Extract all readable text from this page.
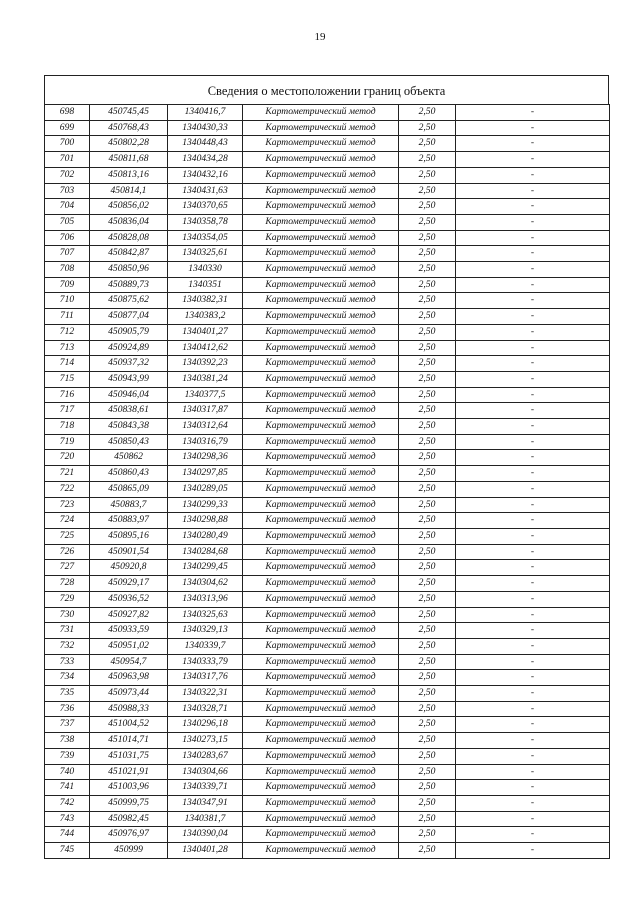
19
Сведения о местоположении границ объекта
698	450745,45	1340416,7	Картометрический метод	2,50	-
699	450768,43	1340430,33	Картометрический метод	2,50	-
700	450802,28	1340448,43	Картометрический метод	2,50	-
701	450811,68	1340434,28	Картометрический метод	2,50	-
702	450813,16	1340432,16	Картометрический метод	2,50	-
703	450814,1	1340431,63	Картометрический метод	2,50	-
704	450856,02	1340370,65	Картометрический метод	2,50	-
705	450836,04	1340358,78	Картометрический метод	2,50	-
706	450828,08	1340354,05	Картометрический метод	2,50	-
707	450842,87	1340325,61	Картометрический метод	2,50	-
708	450850,96	1340330	Картометрический метод	2,50	-
709	450889,73	1340351	Картометрический метод	2,50	-
710	450875,62	1340382,31	Картометрический метод	2,50	-
711	450877,04	1340383,2	Картометрический метод	2,50	-
712	450905,79	1340401,27	Картометрический метод	2,50	-
713	450924,89	1340412,62	Картометрический метод	2,50	-
714	450937,32	1340392,23	Картометрический метод	2,50	-
715	450943,99	1340381,24	Картометрический метод	2,50	-
716	450946,04	1340377,5	Картометрический метод	2,50	-
717	450838,61	1340317,87	Картометрический метод	2,50	-
718	450843,38	1340312,64	Картометрический метод	2,50	-
719	450850,43	1340316,79	Картометрический метод	2,50	-
720	450862	1340298,36	Картометрический метод	2,50	-
721	450860,43	1340297,85	Картометрический метод	2,50	-
722	450865,09	1340289,05	Картометрический метод	2,50	-
723	450883,7	1340299,33	Картометрический метод	2,50	-
724	450883,97	1340298,88	Картометрический метод	2,50	-
725	450895,16	1340280,49	Картометрический метод	2,50	-
726	450901,54	1340284,68	Картометрический метод	2,50	-
727	450920,8	1340299,45	Картометрический метод	2,50	-
728	450929,17	1340304,62	Картометрический метод	2,50	-
729	450936,52	1340313,96	Картометрический метод	2,50	-
730	450927,82	1340325,63	Картометрический метод	2,50	-
731	450933,59	1340329,13	Картометрический метод	2,50	-
732	450951,02	1340339,7	Картометрический метод	2,50	-
733	450954,7	1340333,79	Картометрический метод	2,50	-
734	450963,98	1340317,76	Картометрический метод	2,50	-
735	450973,44	1340322,31	Картометрический метод	2,50	-
736	450988,33	1340328,71	Картометрический метод	2,50	-
737	451004,52	1340296,18	Картометрический метод	2,50	-
738	451014,71	1340273,15	Картометрический метод	2,50	-
739	451031,75	1340283,67	Картометрический метод	2,50	-
740	451021,91	1340304,66	Картометрический метод	2,50	-
741	451003,96	1340339,71	Картометрический метод	2,50	-
742	450999,75	1340347,91	Картометрический метод	2,50	-
743	450982,45	1340381,7	Картометрический метод	2,50	-
744	450976,97	1340390,04	Картометрический метод	2,50	-
745	450999	1340401,28	Картометрический метод	2,50	-
